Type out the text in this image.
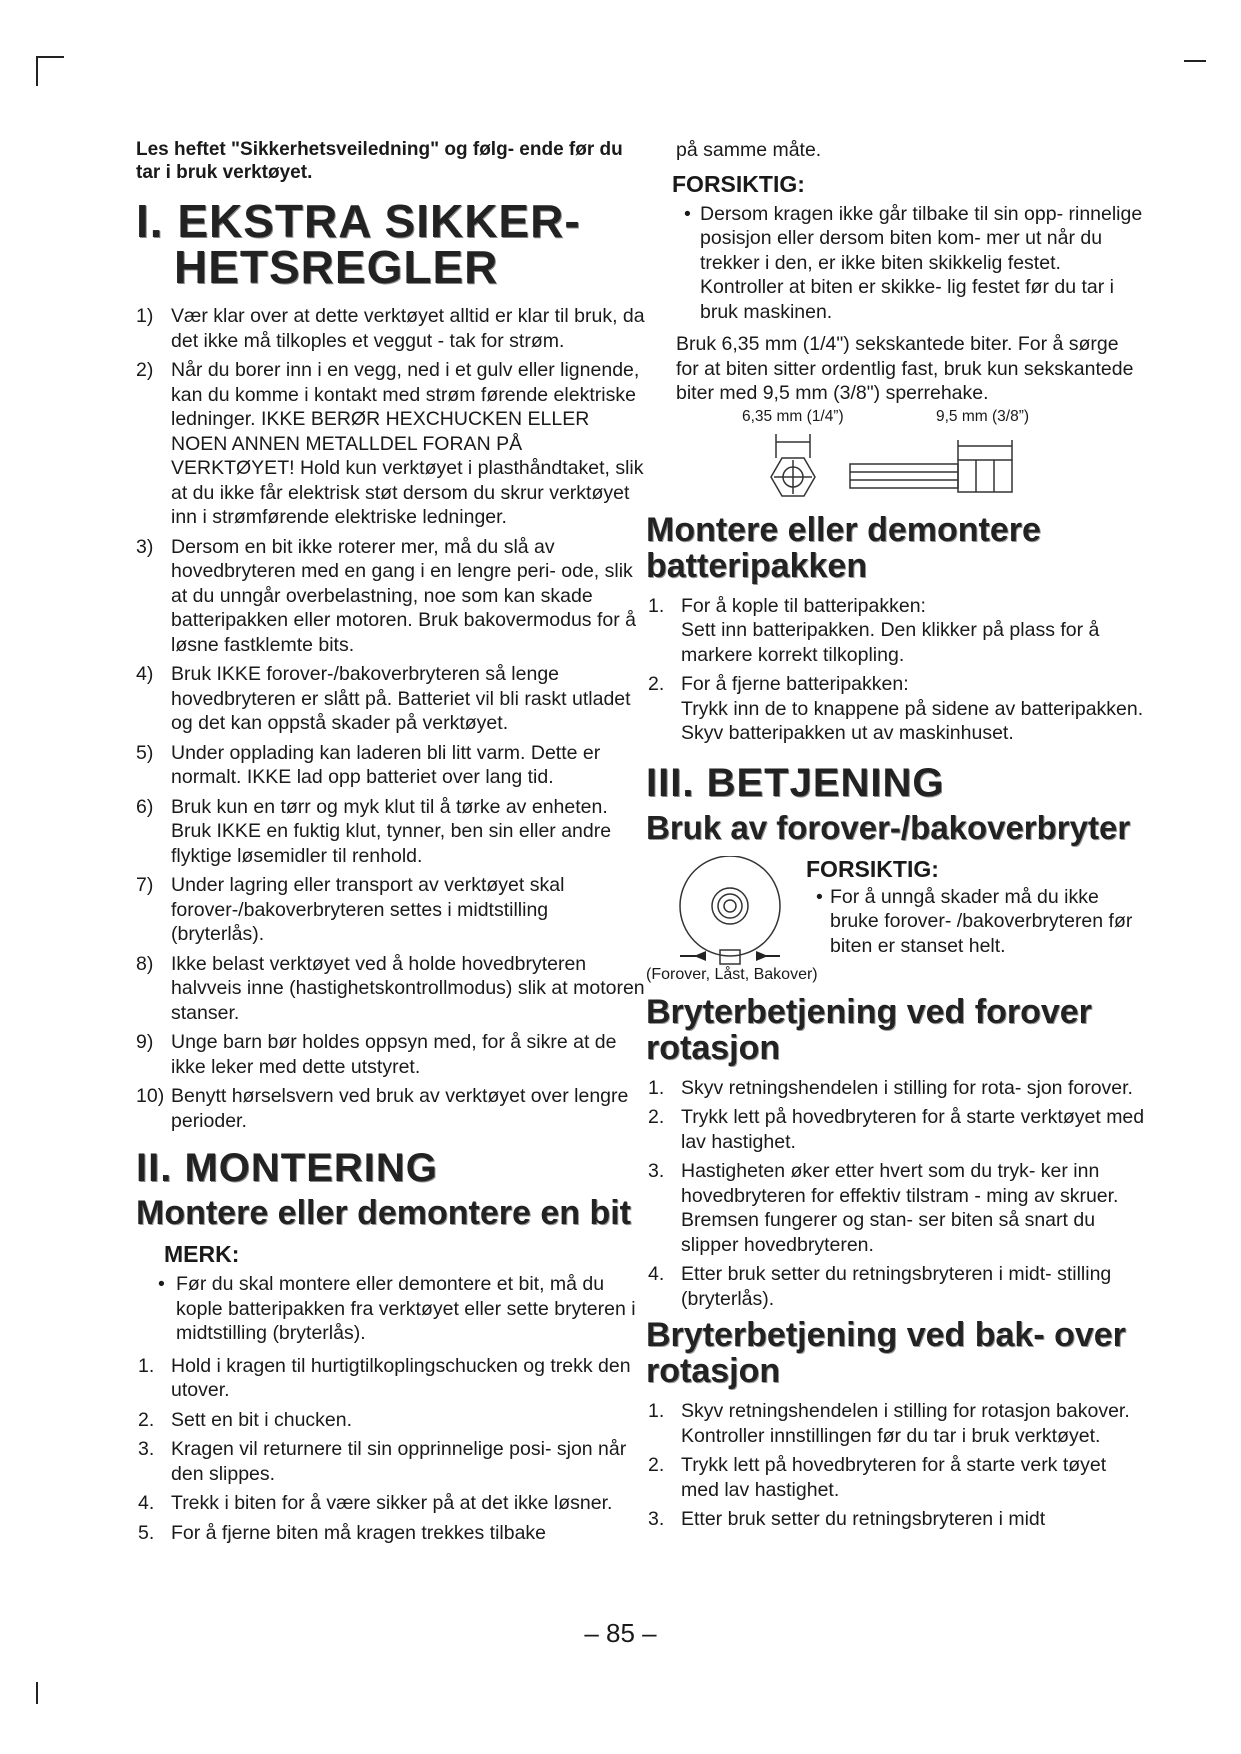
Les heftet "Sikkerhetsveiledning" og følg- ende før du tar i bruk verktøyet.

I. EKSTRA SIKKER-
HETSREGLER
1) Vær klar over at dette verktøyet alltid er klar til bruk, da det ikke må tilkoples et veggut - tak for strøm.
2) Når du borer inn i en vegg, ned i et gulv eller lignende, kan du komme i kontakt med strøm førende elektriske ledninger. IKKE BERØR HEXCHUCKEN ELLER NOEN ANNEN METALLDEL FORAN PÅ VERKTØYET! Hold kun verktøyet i plasthåndtaket, slik at du ikke får elektrisk støt dersom du skrur verktøyet inn i strømførende elektriske ledninger.
3) Dersom en bit ikke roterer mer, må du slå av hovedbryteren med en gang i en lengre peri- ode, slik at du unngår overbelastning, noe som kan skade batteripakken eller motoren. Bruk bakovermodus for å løsne fastklemte bits.
4) Bruk IKKE forover-/bakoverbryteren så lenge hovedbryteren er slått på. Batteriet vil bli raskt utladet og det kan oppstå skader på verktøyet.
5) Under opplading kan laderen bli litt varm. Dette er normalt. IKKE lad opp batteriet over lang tid.
6) Bruk kun en tørr og myk klut til å tørke av enheten. Bruk IKKE en fuktig klut, tynner, ben sin eller andre flyktige løsemidler til renhold.
7) Under lagring eller transport av verktøyet skal forover-/bakoverbryteren settes i midtstilling (bryterlås).
8) Ikke belast verktøyet ved å holde hovedbryteren halvveis inne (hastighetskontrollmodus) slik at motoren stanser.
9) Unge barn bør holdes oppsyn med, for å sikre at de ikke leker med dette utstyret.
10) Benytt hørselsvern ved bruk av verktøyet over lengre perioder.
II. MONTERING
Montere eller demontere en bit
MERK:
• Før du skal montere eller demontere et bit, må du kople batteripakken fra verktøyet eller sette bryteren i midtstilling (bryterlås).
1. Hold i kragen til hurtigtilkoplingschucken og trekk den utover.
2. Sett en bit i chucken.
3. Kragen vil returnere til sin opprinnelige posi- sjon når den slippes.
4. Trekk i biten for å være sikker på at det ikke løsner.
5. For å fjerne biten må kragen trekkes tilbake
på samme måte.
FORSIKTIG:
• Dersom kragen ikke går tilbake til sin opp- rinnelige posisjon eller dersom biten kom- mer ut når du trekker i den, er ikke biten skikkelig festet. Kontroller at biten er skikke- lig festet før du tar i bruk maskinen.
Bruk 6,35 mm (1/4") sekskantede biter. For å sørge for at biten sitter ordentlig fast, bruk kun sekskantede biter med 9,5 mm (3/8") sperrehake.
6,35 mm (1/4”)	9,5 mm (3/8”)
Montere eller demontere batteripakken
1. For å kople til batteripakken:
Sett inn batteripakken. Den klikker på plass for å markere korrekt tilkopling.
2. For å fjerne batteripakken:
Trykk inn de to knappene på sidene av batteripakken. Skyv batteripakken ut av maskinhuset.
III. BETJENING
Bruk av forover-/bakoverbryter
(Forover, Låst, Bakover)
FORSIKTIG:
• For å unngå skader må du ikke bruke forover- /bakoverbryteren før biten er stanset helt.
Bryterbetjening ved forover rotasjon
1. Skyv retningshendelen i stilling for rota- sjon forover.
2. Trykk lett på hovedbryteren for å starte verktøyet med lav hastighet.
3. Hastigheten øker etter hvert som du tryk- ker inn hovedbryteren for effektiv tilstram - ming av skruer. Bremsen fungerer og stan- ser biten så snart du slipper hovedbryteren.
4. Etter bruk setter du retningsbryteren i midt- stilling (bryterlås).
Bryterbetjening ved bak- over rotasjon
1. Skyv retningshendelen i stilling for rotasjon bakover. Kontroller innstillingen før du tar i bruk verktøyet.
2. Trykk lett på hovedbryteren for å starte verk tøyet med lav hastighet.
3. Etter bruk setter du retningsbryteren i midt
– 85 –
